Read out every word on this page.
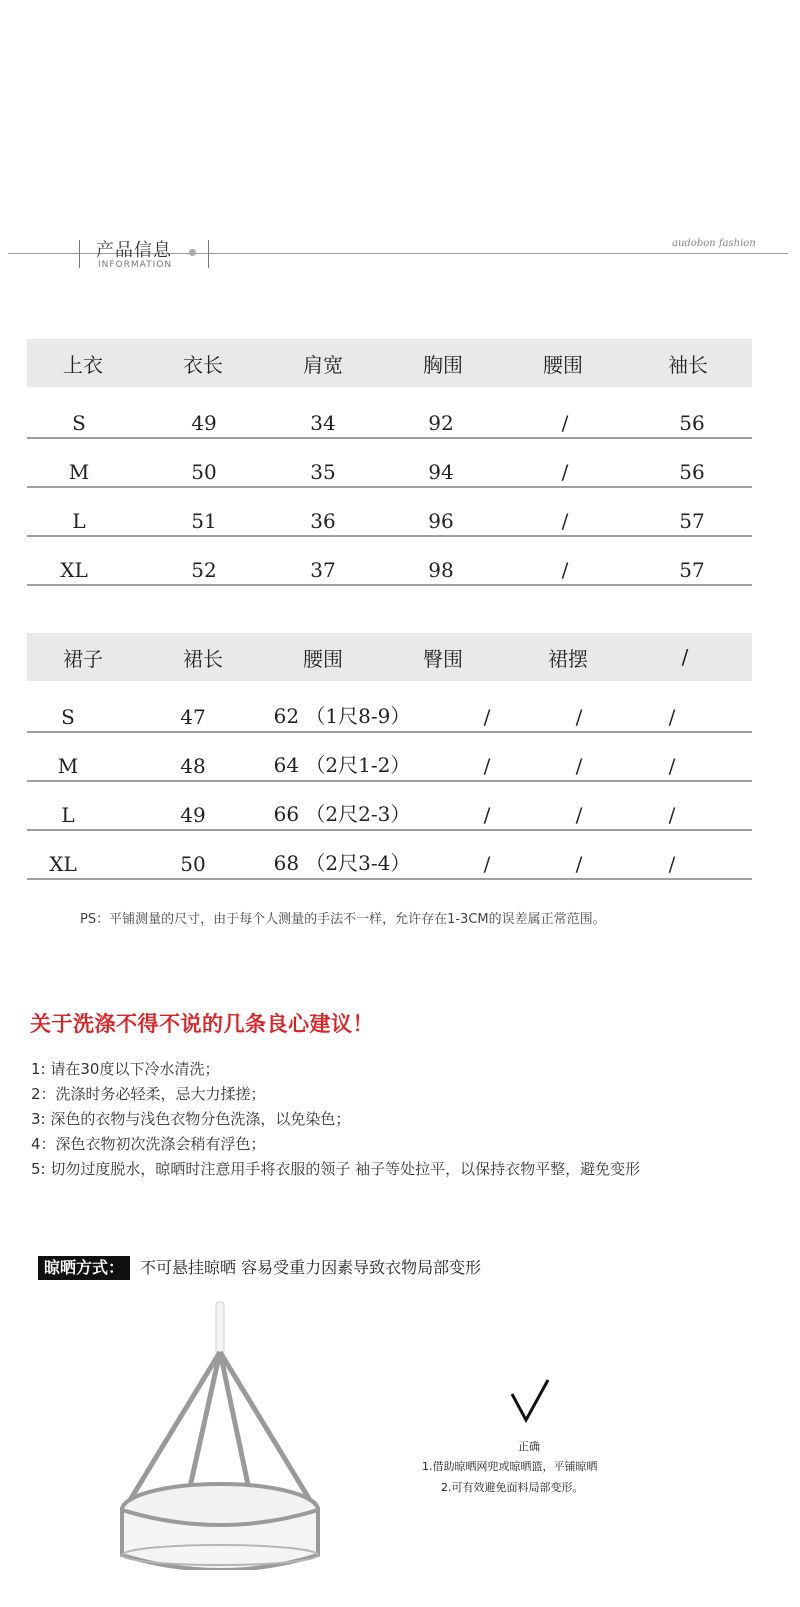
产品信息
INFORMATION
audobon fashion
上衣	衣长	肩宽	胸围	腰围	袖长
S	49	34	92	/	56
M	50	35	94	/	56
L	51	36	96	/	57
XL	52	37	98	/	57
裙子	裙长	腰围	臀围	裙摆	/
S	47	62 （1尺8-9）	/	/	/
M	48	64 （2尺1-2）	/	/	/
L	49	66 （2尺2-3）	/	/	/
XL	50	68 （2尺3-4）	/	/	/
PS：平铺测量的尺寸，由于每个人测量的手法不一样，允许存在1-3CM的误差属正常范围。
关于洗涤不得不说的几条良心建议！
1: 请在30度以下冷水清洗；
2：洗涤时务必轻柔，忌大力揉搓；
3: 深色的衣物与浅色衣物分色洗涤，以免染色；
4：深色衣物初次洗涤会稍有浮色；
5: 切勿过度脱水，晾晒时注意用手将衣服的领子 袖子等处拉平，以保持衣物平整，避免变形
晾晒方式： 不可悬挂晾晒 容易受重力因素导致衣物局部变形
正确
1.借助晾晒网兜或晾晒篮，平铺晾晒
2.可有效避免面料局部变形。
